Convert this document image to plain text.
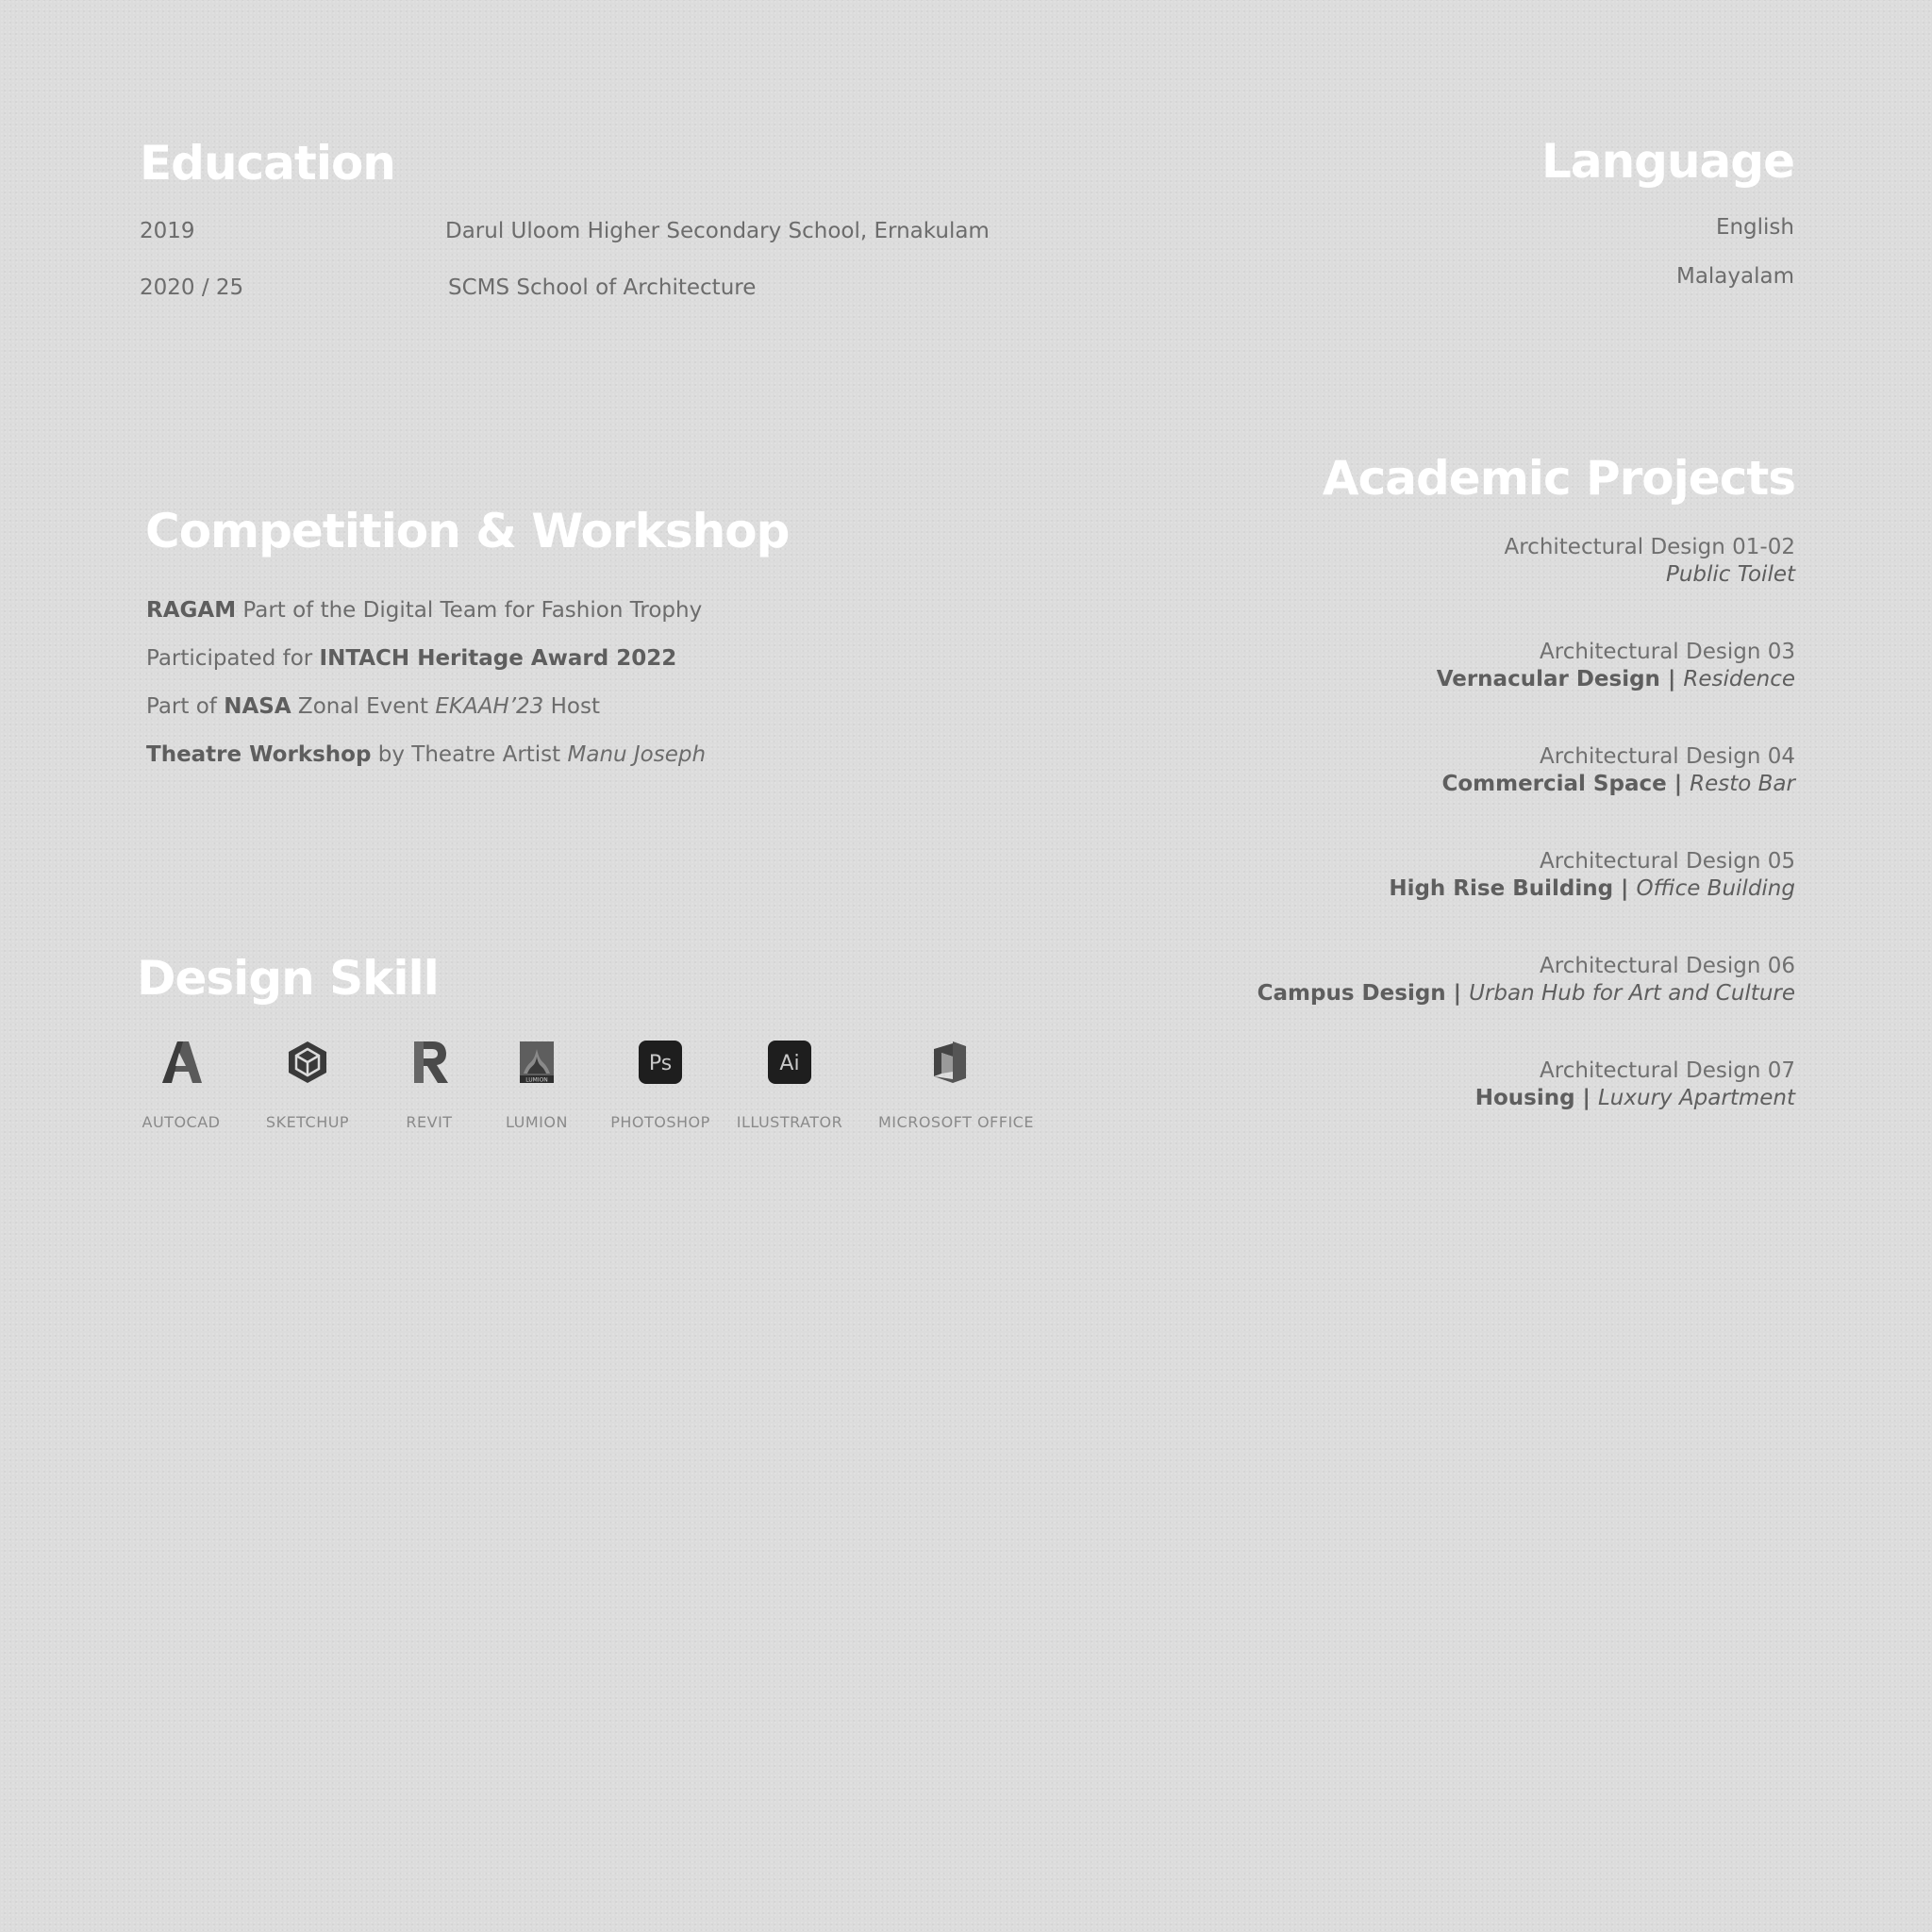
Education
2019	Darul Uloom Higher Secondary School, Ernakulam
2020 / 25	SCMS School of Architecture
Language
English
Malayalam
Competition & Workshop
RAGAM Part of the Digital Team for Fashion Trophy
Participated for INTACH Heritage Award 2022
Part of NASA Zonal Event EKAAH’23 Host
Theatre Workshop by Theatre Artist Manu Joseph
Academic Projects
Architectural Design 01-02
Public Toilet
Architectural Design 03
Vernacular Design | Residence
Architectural Design 04
Commercial Space | Resto Bar
Architectural Design 05
High Rise Building | Office Building
Architectural Design 06
Campus Design | Urban Hub for Art and Culture
Architectural Design 07
Housing | Luxury Apartment
Design Skill
AUTOCAD	SKETCHUP	REVIT
LUMION
LUMION
Ps
PHOTOSHOP
Ai
ILLUSTRATOR	MICROSOFT OFFICE
